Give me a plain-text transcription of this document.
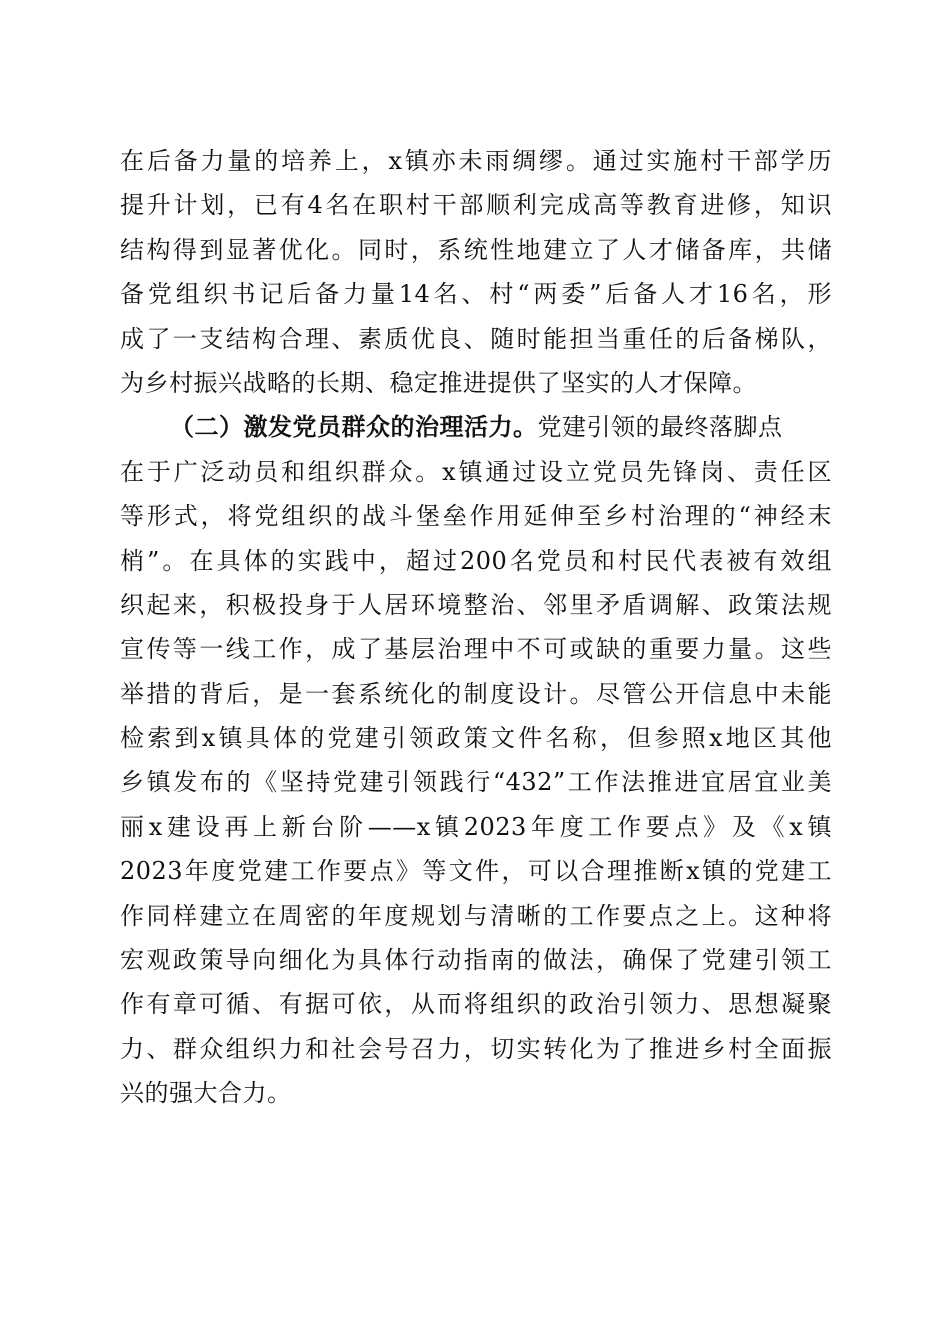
在后备力量的培养上，x镇亦未雨绸缪。通过实施村干部学历
提升计划，已有4名在职村干部顺利完成高等教育进修，知识
结构得到显著优化。同时，系统性地建立了人才储备库，共储
备党组织书记后备力量14名、村“两委”后备人才16名，形
成了一支结构合理、素质优良、随时能担当重任的后备梯队，
为乡村振兴战略的长期、稳定推进提供了坚实的人才保障。
（二）激发党员群众的治理活力。党建引领的最终落脚点
在于广泛动员和组织群众。x镇通过设立党员先锋岗、责任区
等形式，将党组织的战斗堡垒作用延伸至乡村治理的“神经末
梢”。在具体的实践中，超过200名党员和村民代表被有效组
织起来，积极投身于人居环境整治、邻里矛盾调解、政策法规
宣传等一线工作，成了基层治理中不可或缺的重要力量。这些
举措的背后，是一套系统化的制度设计。尽管公开信息中未能
检索到x镇具体的党建引领政策文件名称，但参照x地区其他
乡镇发布的《坚持党建引领践行“432”工作法推进宜居宜业美
丽x建设再上新台阶——x镇2023年度工作要点》及《x镇
2023年度党建工作要点》等文件，可以合理推断x镇的党建工
作同样建立在周密的年度规划与清晰的工作要点之上。这种将
宏观政策导向细化为具体行动指南的做法，确保了党建引领工
作有章可循、有据可依，从而将组织的政治引领力、思想凝聚
力、群众组织力和社会号召力，切实转化为了推进乡村全面振
兴的强大合力。
